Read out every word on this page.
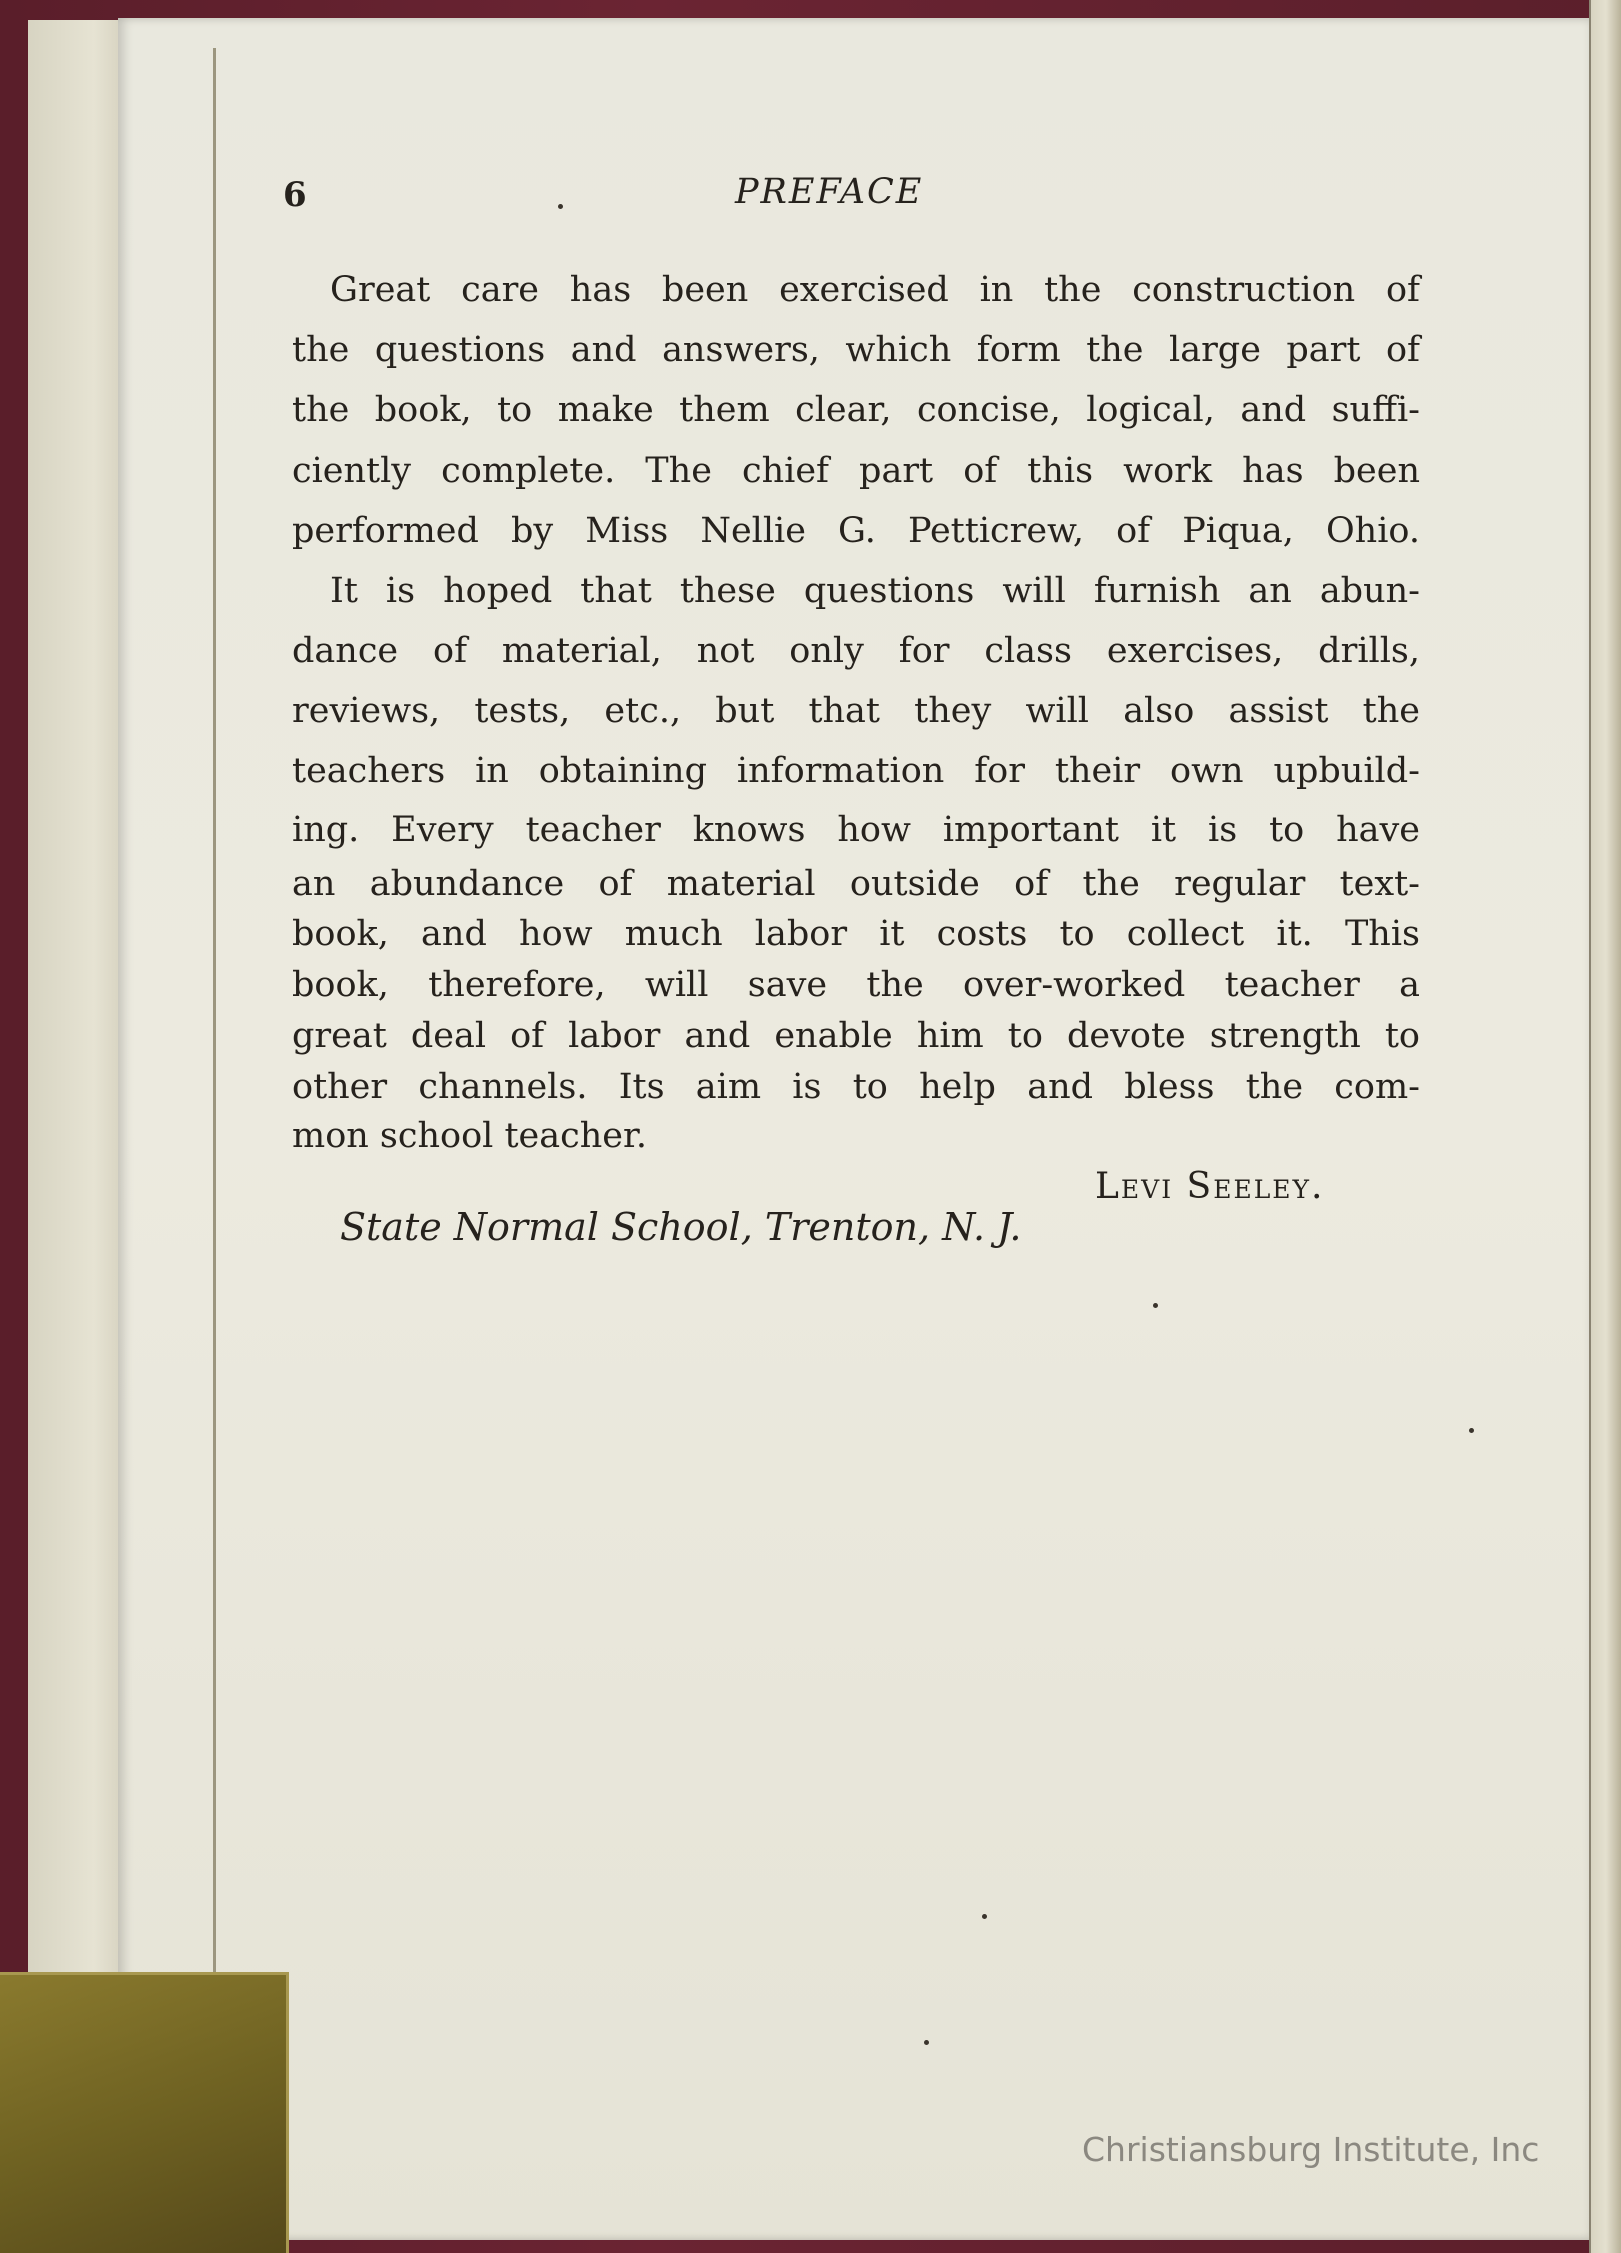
6	PREFACE
Great care has been exercised in the construction of
the questions and answers, which form the large part of
the book, to make them clear, concise, logical, and suffi-
ciently complete. The chief part of this work has been
performed by Miss Nellie G. Petticrew, of Piqua, Ohio.
It is hoped that these questions will furnish an abun-
dance of material, not only for class exercises, drills,
reviews, tests, etc., but that they will also assist the
teachers in obtaining information for their own upbuild-
ing. Every teacher knows how important it is to have
an abundance of material outside of the regular text-
book, and how much labor it costs to collect it. This
book, therefore, will save the over-worked teacher a
great deal of labor and enable him to devote strength to
other channels. Its aim is to help and bless the com-
mon school teacher.
Levi Seeley.
State Normal School, Trenton, N. J.
Christiansburg Institute, Inc
